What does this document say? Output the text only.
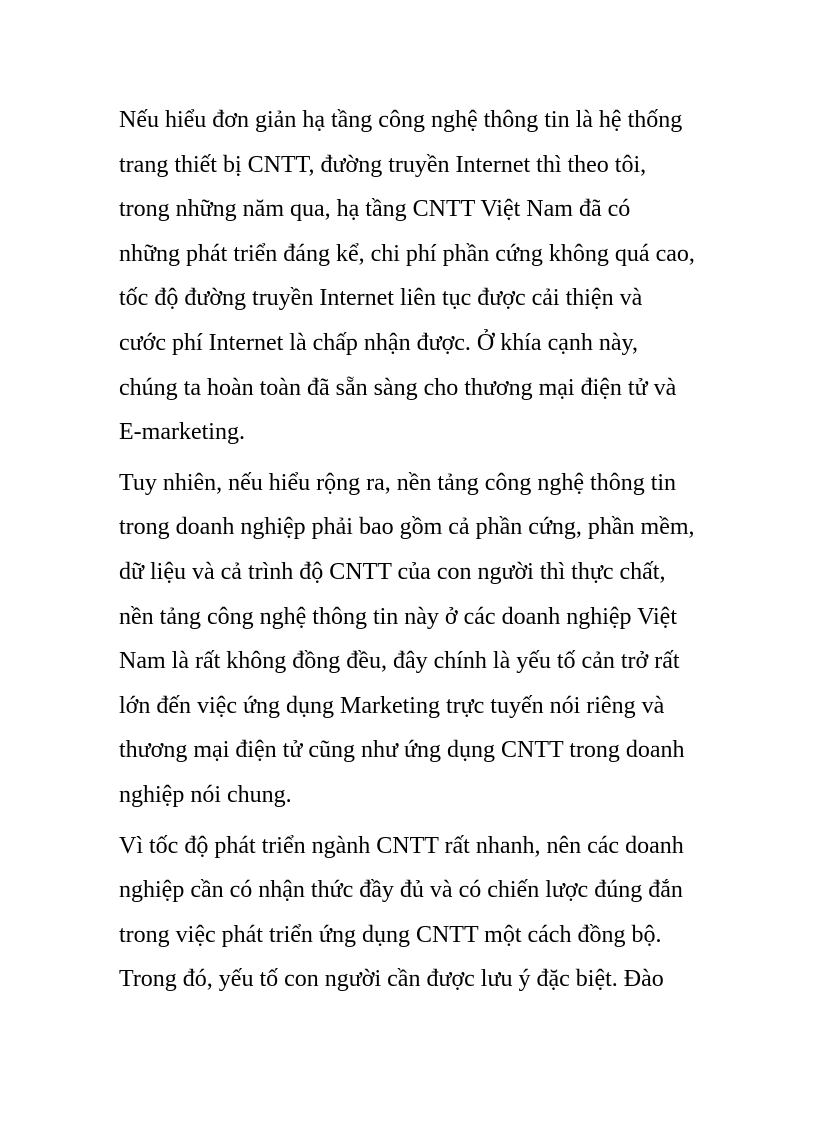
Nếu hiểu đơn giản hạ tầng công nghệ thông tin là hệ thống
trang thiết bị CNTT, đường truyền Internet thì theo tôi,
trong những năm qua, hạ tầng CNTT Việt Nam đã có
những phát triển đáng kể, chi phí phần cứng không quá cao,
tốc độ đường truyền Internet liên tục được cải thiện và
cước phí Internet là chấp nhận được. Ở khía cạnh này,
chúng ta hoàn toàn đã sẵn sàng cho thương mại điện tử và
E-marketing.
Tuy nhiên, nếu hiểu rộng ra, nền tảng công nghệ thông tin
trong doanh nghiệp phải bao gồm cả phần cứng, phần mềm,
dữ liệu và cả trình độ CNTT của con người thì thực chất,
nền tảng công nghệ thông tin này ở các doanh nghiệp Việt
Nam là rất không đồng đều, đây chính là yếu tố cản trở rất
lớn đến việc ứng dụng Marketing trực tuyến nói riêng và
thương mại điện tử cũng như ứng dụng CNTT trong doanh
nghiệp nói chung.
Vì tốc độ phát triển ngành CNTT rất nhanh, nên các doanh
nghiệp cần có nhận thức đầy đủ và có chiến lược đúng đắn
trong việc phát triển ứng dụng CNTT một cách đồng bộ.
Trong đó, yếu tố con người cần được lưu ý đặc biệt. Đào
